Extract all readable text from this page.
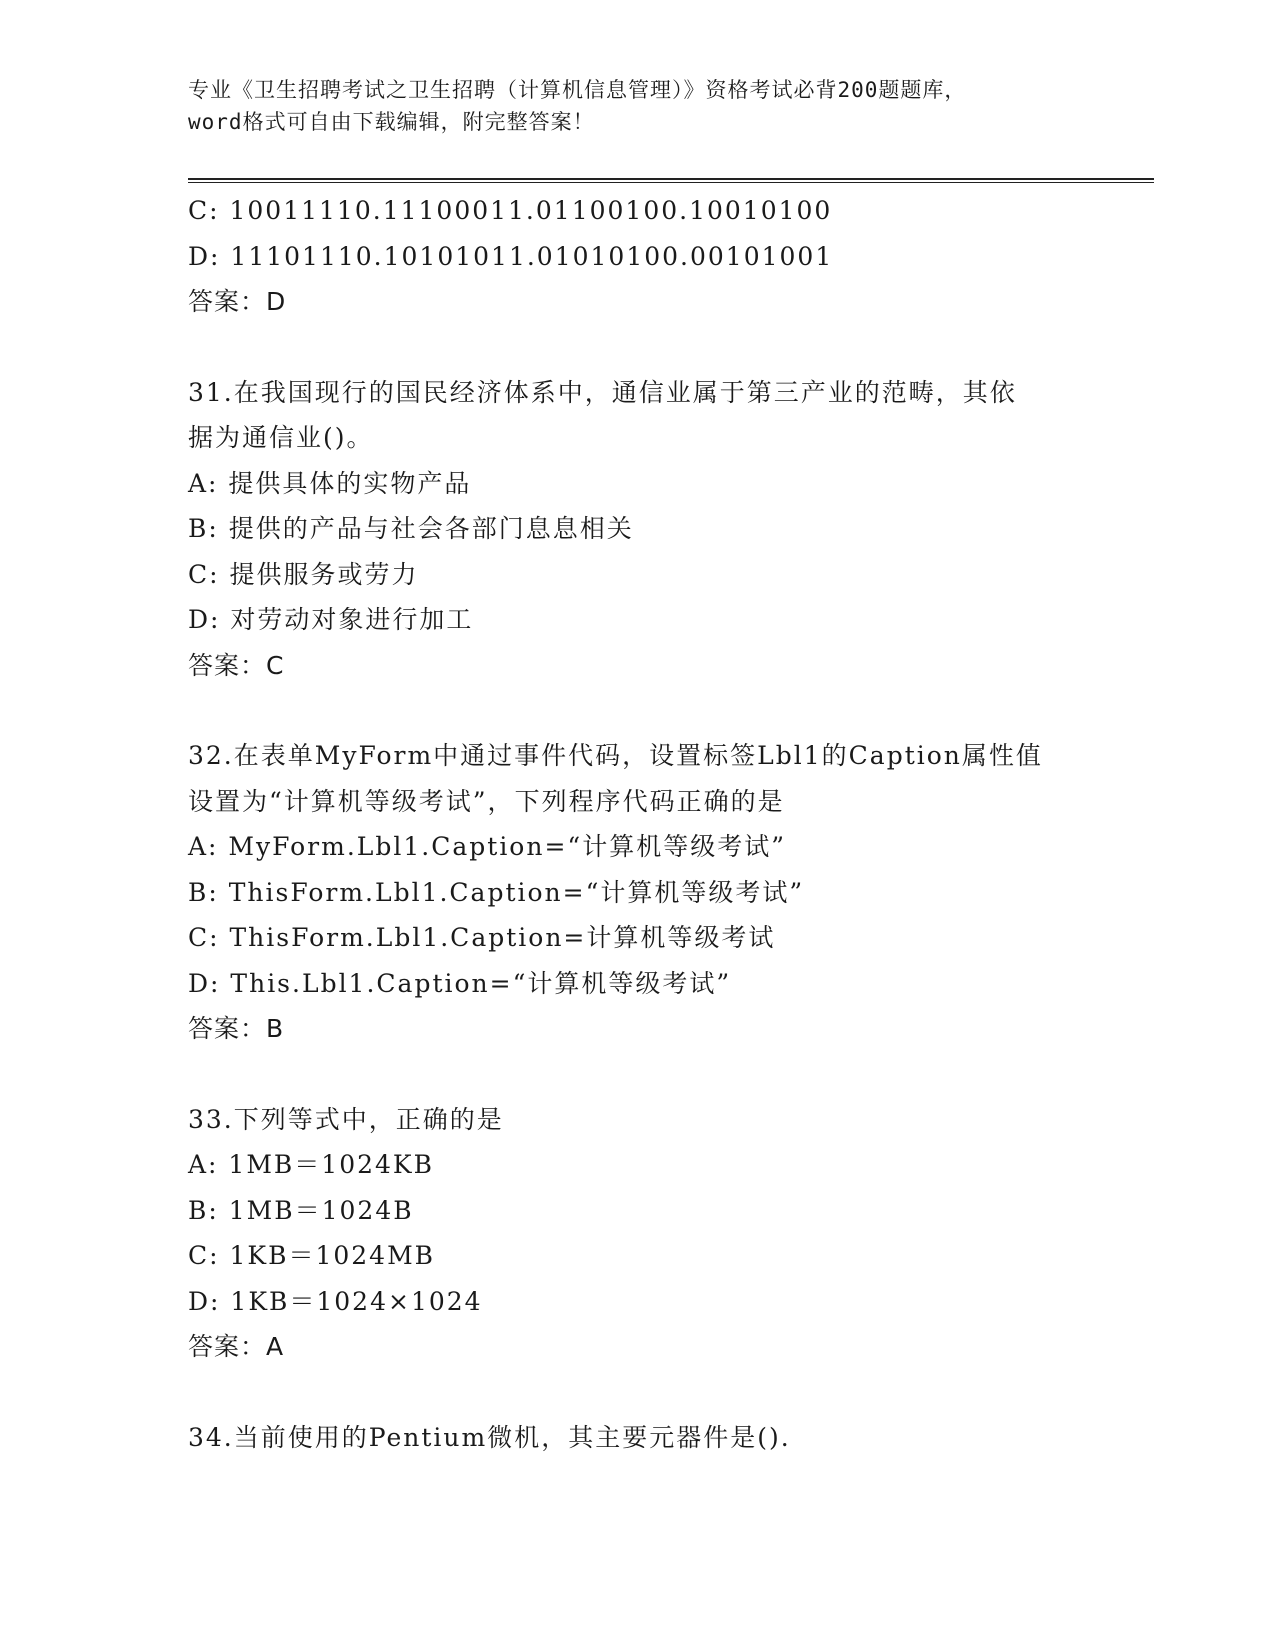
专业《卫生招聘考试之卫生招聘（计算机信息管理）》资格考试必背200题题库，
word格式可自由下载编辑，附完整答案！
C: 10011110.11100011.01100100.10010100
D: 11101110.10101011.01010100.00101001
答案：D
31.在我国现行的国民经济体系中，通信业属于第三产业的范畴，其依
据为通信业()。
A: 提供具体的实物产品
B: 提供的产品与社会各部门息息相关
C: 提供服务或劳力
D: 对劳动对象进行加工
答案：C
32.在表单MyForm中通过事件代码，设置标签Lbl1的Caption属性值
设置为“计算机等级考试”，下列程序代码正确的是
A: MyForm.Lbl1.Caption=“计算机等级考试”
B: ThisForm.Lbl1.Caption=“计算机等级考试”
C: ThisForm.Lbl1.Caption=计算机等级考试
D: This.Lbl1.Caption=“计算机等级考试”
答案：B
33.下列等式中，正确的是
A: 1MB＝1024KB
B: 1MB＝1024B
C: 1KB＝1024MB
D: 1KB＝1024×1024
答案：A
34.当前使用的Pentium微机，其主要元器件是().
